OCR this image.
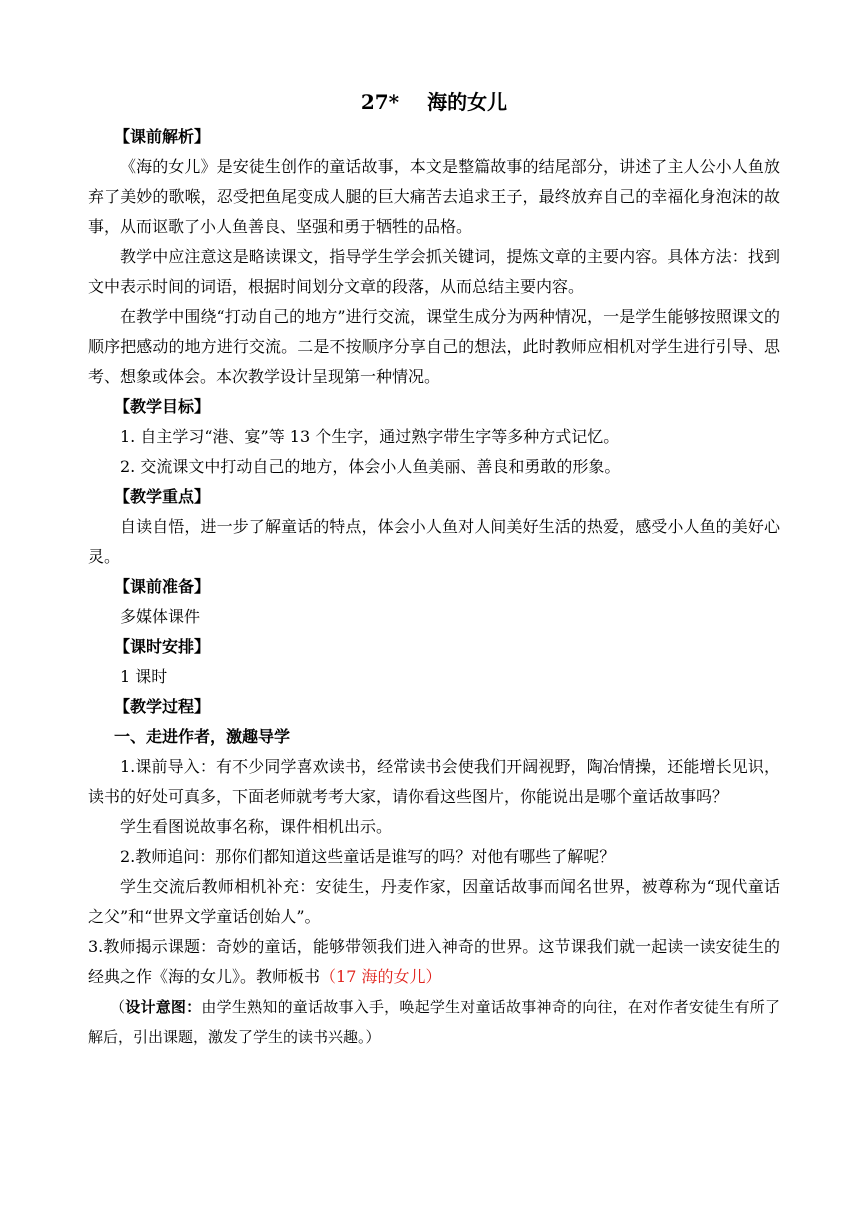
27* 海的女儿
【课前解析】
《海的女儿》是安徒生创作的童话故事，本文是整篇故事的结尾部分，讲述了主人公小人鱼放弃了美妙的歌喉，忍受把鱼尾变成人腿的巨大痛苦去追求王子，最终放弃自己的幸福化身泡沫的故事，从而讴歌了小人鱼善良、坚强和勇于牺牲的品格。
教学中应注意这是略读课文，指导学生学会抓关键词，提炼文章的主要内容。具体方法：找到文中表示时间的词语，根据时间划分文章的段落，从而总结主要内容。
在教学中围绕“打动自己的地方”进行交流，课堂生成分为两种情况，一是学生能够按照课文的顺序把感动的地方进行交流。二是不按顺序分享自己的想法，此时教师应相机对学生进行引导、思考、想象或体会。本次教学设计呈现第一种情况。
【教学目标】
1. 自主学习“港、宴”等 13 个生字，通过熟字带生字等多种方式记忆。
2. 交流课文中打动自己的地方，体会小人鱼美丽、善良和勇敢的形象。
【教学重点】
自读自悟，进一步了解童话的特点，体会小人鱼对人间美好生活的热爱，感受小人鱼的美好心灵。
【课前准备】
多媒体课件
【课时安排】
1 课时
【教学过程】
一、走进作者，激趣导学
1.课前导入：有不少同学喜欢读书，经常读书会使我们开阔视野，陶冶情操，还能增长见识，读书的好处可真多，下面老师就考考大家，请你看这些图片，你能说出是哪个童话故事吗？
学生看图说故事名称，课件相机出示。
2.教师追问：那你们都知道这些童话是谁写的吗？对他有哪些了解呢？
学生交流后教师相机补充：安徒生，丹麦作家，因童话故事而闻名世界，被尊称为“现代童话之父”和“世界文学童话创始人”。
3.教师揭示课题：奇妙的童话，能够带领我们进入神奇的世界。这节课我们就一起读一读安徒生的经典之作《海的女儿》。教师板书（17 海的女儿）
（设计意图：由学生熟知的童话故事入手，唤起学生对童话故事神奇的向往，在对作者安徒生有所了解后，引出课题，激发了学生的读书兴趣。）
